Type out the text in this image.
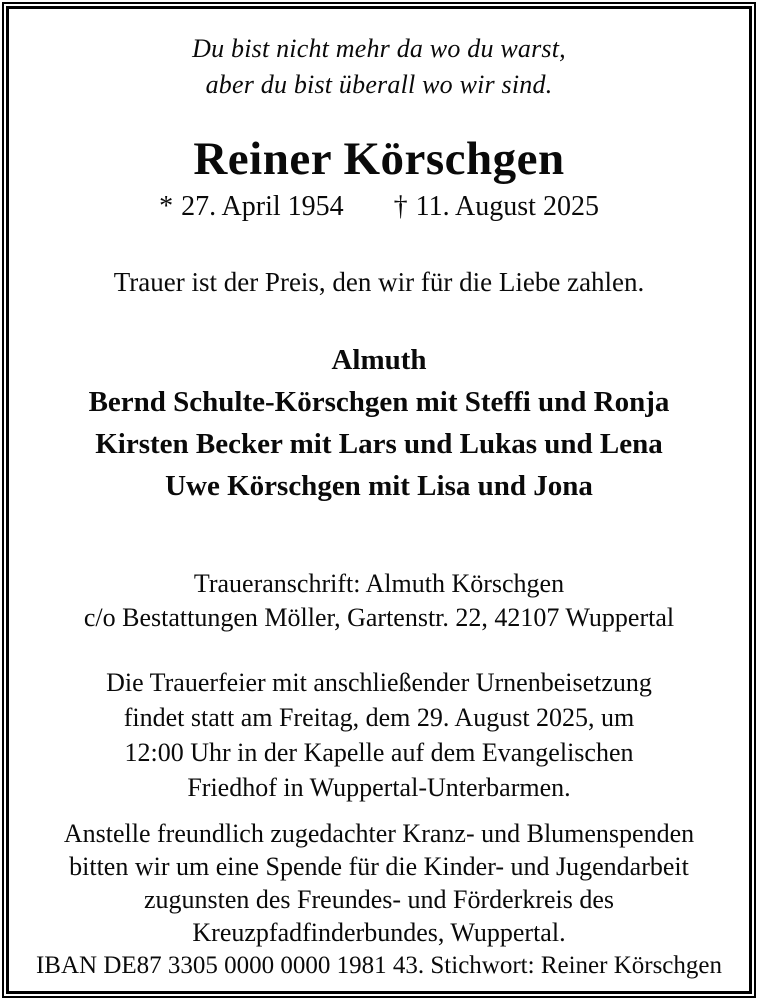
Du bist nicht mehr da wo du warst,
aber du bist überall wo wir sind.
Reiner Körschgen
* 27. April 1954 † 11. August 2025
Trauer ist der Preis, den wir für die Liebe zahlen.
Almuth
Bernd Schulte-Körschgen mit Steffi und Ronja
Kirsten Becker mit Lars und Lukas und Lena
Uwe Körschgen mit Lisa und Jona
Traueranschrift: Almuth Körschgen
c/o Bestattungen Möller, Gartenstr. 22, 42107 Wuppertal
Die Trauerfeier mit anschließender Urnenbeisetzung
findet statt am Freitag, dem 29. August 2025, um
12:00 Uhr in der Kapelle auf dem Evangelischen
Friedhof in Wuppertal-Unterbarmen.
Anstelle freundlich zugedachter Kranz- und Blumenspenden
bitten wir um eine Spende für die Kinder- und Jugendarbeit
zugunsten des Freundes- und Förderkreis des
Kreuzpfadfinderbundes, Wuppertal.
IBAN DE87 3305 0000 0000 1981 43. Stichwort: Reiner Körschgen
